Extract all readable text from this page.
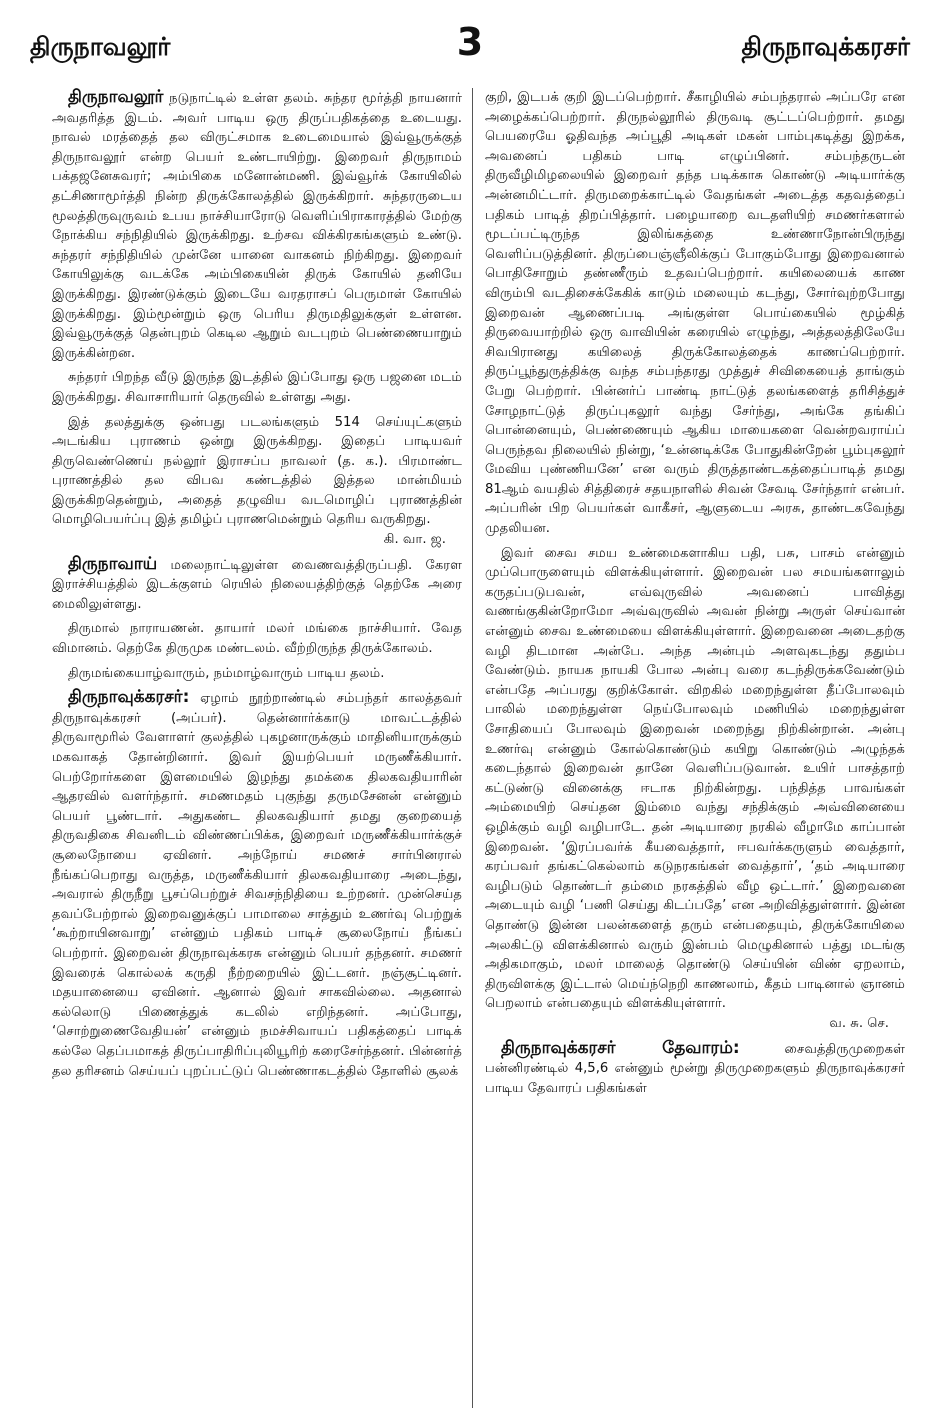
திருநாவலூர்	3	திருநாவுக்கரசர்

திருநாவலூர் நடுநாட்டில் உள்ள தலம். சுந்தர மூர்த்தி நாயனார் அவதரித்த இடம். அவர் பாடிய ஒரு திருப்பதிகத்தை உடையது. நாவல் மரத்தைத் தல விருட்சமாக உடைமையால் இவ்வூருக்குத் திருநாவலூர் என்ற பெயர் உண்டாயிற்று. இறைவர் திருநாமம் பக்தஜனேசுவரர்; அம்பிகை மனோன்மணி. இவ்வூர்க் கோயிலில் தட்சிணாமூர்த்தி நின்ற திருக்கோலத்தில் இருக்கிறார். சுந்தரருடைய மூலத்திருவுருவம் உபய நாச்சியாரோடு வெளிப்பிராகாரத்தில் மேற்கு நோக்கிய சந்நிதியில் இருக்கிறது. உற்சவ விக்கிரகங்களும் உண்டு. சுந்தரர் சந்நிதியில் முன்னே யானை வாகனம் நிற்கிறது. இறைவர் கோயிலுக்கு வடக்கே அம்பிகையின் திருக் கோயில் தனியே இருக்கிறது. இரண்டுக்கும் இடையே வரதராசப் பெருமாள் கோயில் இருக்கிறது. இம்மூன்றும் ஒரு பெரிய திருமதிலுக்குள் உள்ளன. இவ்வூருக்குத் தென்புறம் கெடில ஆறும் வடபுறம் பெண்ணையாறும் இருக்கின்றன.

சுந்தரர் பிறந்த வீடு இருந்த இடத்தில் இப்போது ஒரு பஜனை மடம் இருக்கிறது. சிவாசாரியார் தெருவில் உள்ளது அது.

இத் தலத்துக்கு ஒன்பது படலங்களும் 514 செய்யுட்களும் அடங்கிய புராணம் ஒன்று இருக்கிறது. இதைப் பாடியவர் திருவெண்ணெய் நல்லூர் இராசப்ப நாவலர் (த. க.). பிரமாண்ட புராணத்தில் தல விபவ கண்டத்தில் இத்தல மான்மியம் இருக்கிறதென்றும், அதைத் தழுவிய வடமொழிப் புராணத்தின் மொழிபெயர்ப்பு இத் தமிழ்ப் புராணமென்றும் தெரிய வருகிறது.
கி. வா. ஜ.

திருநாவாய் மலைநாட்டிலுள்ள வைணவத்திருப்பதி. கேரள இராச்சியத்தில் இடக்குளம் ரெயில் நிலையத்திற்குத் தெற்கே அரை மைலிலுள்ளது.

திருமால் நாராயணன். தாயார் மலர் மங்கை நாச்சியார். வேத விமானம். தெற்கே திருமுக மண்டலம். வீற்றிருந்த திருக்கோலம்.

திருமங்கையாழ்வாரும், நம்மாழ்வாரும் பாடிய தலம்.

திருநாவுக்கரசர்: ஏழாம் நூற்றாண்டில் சம்பந்தர் காலத்தவர் திருநாவுக்கரசர் (அப்பர்). தென்னார்க்காடு மாவட்டத்தில் திருவாமூரில் வேளாளர் குலத்தில் புகழனாருக்கும் மாதினியாருக்கும் மகவாகத் தோன்றினார். இவர் இயற்பெயர் மருணீக்கியார். பெற்றோர்களை இளமையில் இழந்து தமக்கை திலகவதியாரின் ஆதரவில் வளர்ந்தார். சமணமதம் புகுந்து தருமசேனன் என்னும் பெயர் பூண்டார். அதுகண்ட திலகவதியார் தமது குறையைத் திருவதிகை சிவனிடம் விண்ணப்பிக்க, இறைவர் மருணீக்கியார்க்குச் சூலைநோயை ஏவினர். அந்நோய் சமணச் சார்பினரால் நீங்கப்பெறாது வருத்த, மருணீக்கியார் திலகவதியாரை அடைந்து, அவரால் திருநீறு பூசப்பெற்றுச் சிவசந்நிதியை உற்றனர். முன்செய்த தவப்பேற்றால் இறைவனுக்குப் பாமாலை சாத்தும் உணர்வு பெற்றுக் ‘கூற்றாயினவாறு’ என்னும் பதிகம் பாடிச் சூலைநோய் நீங்கப் பெற்றார். இறைவன் திருநாவுக்கரசு என்னும் பெயர் தந்தனர். சமணர் இவரைக் கொல்லக் கருதி நீற்றறையில் இட்டனர். நஞ்சூட்டினர். மதயானையை ஏவினர். ஆனால் இவர் சாகவில்லை. அதனால் கல்லொடு பிணைத்துக் கடலில் எறிந்தனர். அப்போது, ‘சொற்றுணைவேதியன்’ என்னும் நமச்சிவாயப் பதிகத்தைப் பாடிக் கல்லே தெப்பமாகத் திருப்பாதிரிப்புலியூரிற் கரைசேர்ந்தனர். பின்னர்த் தல தரிசனம் செய்யப் புறப்பட்டுப் பெண்ணாகடத்தில் தோளில் சூலக்

குறி, இடபக் குறி இடப்பெற்றார். சீகாழியில் சம்பந்தரால் அப்பரே என அழைக்கப்பெற்றார். திருநல்லூரில் திருவடி சூட்டப்பெற்றார். தமது பெயரையே ஓதிவந்த அப்பூதி அடிகள் மகன் பாம்புகடித்து இறக்க, அவனைப் பதிகம் பாடி எழுப்பினர். சம்பந்தருடன் திருவீழிமிழலையில் இறைவர் தந்த படிக்காசு கொண்டு அடியார்க்கு அன்னமிட்டார். திருமறைக்காட்டில் வேதங்கள் அடைத்த கதவத்தைப் பதிகம் பாடித் திறப்பித்தார். பழையாறை வடதளியிற் சமணர்களால் மூடப்பட்டிருந்த இலிங்கத்தை உண்ணாநோன்பிருந்து வெளிப்படுத்தினர். திருப்பைஞ்ஞீலிக்குப் போகும்போது இறைவனால் பொதிசோறும் தண்ணீரும் உதவப்பெற்றார். கயிலையைக் காண விரும்பி வடதிசைக்கேகிக் காடும் மலையும் கடந்து, சோர்வுற்றபோது இறைவன் ஆணைப்படி அங்குள்ள பொய்கையில் மூழ்கித் திருவையாற்றில் ஒரு வாவியின் கரையில் எழுந்து, அத்தலத்திலேயே சிவபிரானது கயிலைத் திருக்கோலத்தைக் காணப்பெற்றார். திருப்பூந்துருத்திக்கு வந்த சம்பந்தரது முத்துச் சிவிகையைத் தாங்கும் பேறு பெற்றார். பின்னர்ப் பாண்டி நாட்டுத் தலங்களைத் தரிசித்துச் சோழநாட்டுத் திருப்புகலூர் வந்து சேர்ந்து, அங்கே தங்கிப் பொன்னையும், பெண்ணையும் ஆகிய மாயைகளை வென்றவராய்ப் பெருந்தவ நிலையில் நின்று, ‘உன்னடிக்கே போதுகின்றேன் பூம்புகலூர் மேவிய புண்ணியனே’ என வரும் திருத்தாண்டகத்தைப்பாடித் தமது 81ஆம் வயதில் சித்திரைச் சதயநாளில் சிவன் சேவடி சேர்ந்தார் என்பர். அப்பரின் பிற பெயர்கள் வாகீசர், ஆளுடைய அரசு, தாண்டகவேந்து முதலியன.

இவர் சைவ சமய உண்மைகளாகிய பதி, பசு, பாசம் என்னும் முப்பொருளையும் விளக்கியுள்ளார். இறைவன் பல சமயங்களாலும் கருதப்படுபவன், எவ்வுருவில் அவனைப் பாவித்து வணங்குகின்றோமோ அவ்வுருவில் அவன் நின்று அருள் செய்வான் என்னும் சைவ உண்மையை விளக்கியுள்ளார். இறைவனை அடைதற்கு வழி திடமான அன்பே. அந்த அன்பும் அளவுகடந்து ததும்ப வேண்டும். நாயக நாயகி போல அன்பு வரை கடந்திருக்கவேண்டும் என்பதே அப்பரது குறிக்கோள். விறகில் மறைந்துள்ள தீப்போலவும் பாலில் மறைந்துள்ள நெய்போலவும் மணியில் மறைந்துள்ள சோதியைப் போலவும் இறைவன் மறைந்து நிற்கின்றான். அன்பு உணர்வு என்னும் கோல்கொண்டும் கயிறு கொண்டும் அழுந்தக் கடைந்தால் இறைவன் தானே வெளிப்படுவான். உயிர் பாசத்தாற் கட்டுண்டு வினைக்கு ஈடாக நிற்கின்றது. பந்தித்த பாவங்கள் அம்மையிற் செய்தன இம்மை வந்து சந்திக்கும் அவ்வினையை ஒழிக்கும் வழி வழிபாடே. தன் அடியாரை நரகில் வீழாமே காப்பான் இறைவன். ‘இரப்பவர்க் கீயவைத்தார், ஈபவர்க்கருளும் வைத்தார், கரப்பவர் தங்கட்கெல்லாம் கடுநரகங்கள் வைத்தார்’, ‘தம் அடியாரை வழிபடும் தொண்டர் தம்மை நரகத்தில் வீழ ஒட்டார்.’ இறைவனை அடையும் வழி ‘பணி செய்து கிடப்பதே’ என அறிவித்துள்ளார். இன்ன தொண்டு இன்ன பலன்களைத் தரும் என்பதையும், திருக்கோயிலை அலகிட்டு விளக்கினால் வரும் இன்பம் மெழுகினால் பத்து மடங்கு அதிகமாகும், மலர் மாலைத் தொண்டு செய்யின் விண் ஏறலாம், திருவிளக்கு இட்டால் மெய்ந்நெறி காணலாம், கீதம் பாடினால் ஞானம் பெறலாம் என்பதையும் விளக்கியுள்ளார்.
வ. சு. செ.

திருநாவுக்கரசர் தேவாரம்:	சைவத்திருமுறைகள் பன்னிரண்டில் 4,5,6 என்னும் மூன்று திருமுறைகளும் திருநாவுக்கரசர் பாடிய தேவாரப் பதிகங்கள்
